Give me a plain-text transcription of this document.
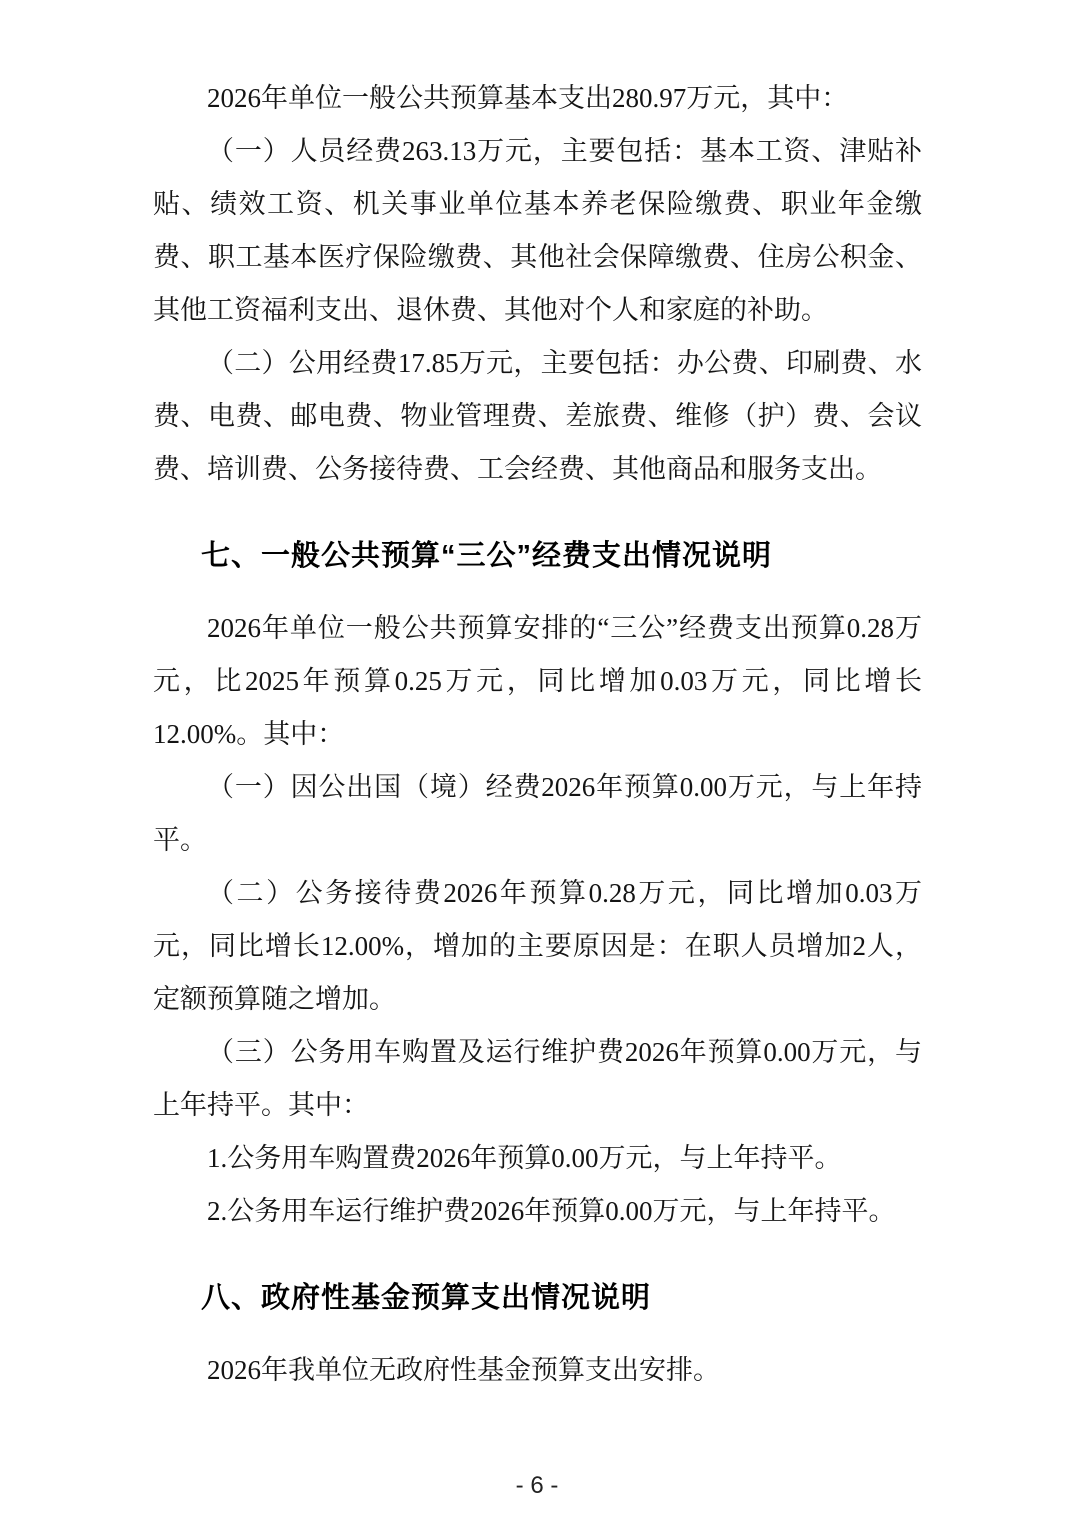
2026年单位一般公共预算基本支出280.97万元，其中：

（一）人员经费263.13万元，主要包括：基本工资、津贴补贴、绩效工资、机关事业单位基本养老保险缴费、职业年金缴费、职工基本医疗保险缴费、其他社会保障缴费、住房公积金、其他工资福利支出、退休费、其他对个人和家庭的补助。

（二）公用经费17.85万元，主要包括：办公费、印刷费、水费、电费、邮电费、物业管理费、差旅费、维修（护）费、会议费、培训费、公务接待费、工会经费、其他商品和服务支出。

七、一般公共预算“三公”经费支出情况说明

2026年单位一般公共预算安排的“三公”经费支出预算0.28万元，比2025年预算0.25万元，同比增加0.03万元，同比增长12.00%。其中：

（一）因公出国（境）经费2026年预算0.00万元，与上年持平。

（二）公务接待费2026年预算0.28万元，同比增加0.03万元，同比增长12.00%，增加的主要原因是：在职人员增加2人，定额预算随之增加。

（三）公务用车购置及运行维护费2026年预算0.00万元，与上年持平。其中：

1.公务用车购置费2026年预算0.00万元，与上年持平。

2.公务用车运行维护费2026年预算0.00万元，与上年持平。

八、政府性基金预算支出情况说明

2026年我单位无政府性基金预算支出安排。

- 6 -
